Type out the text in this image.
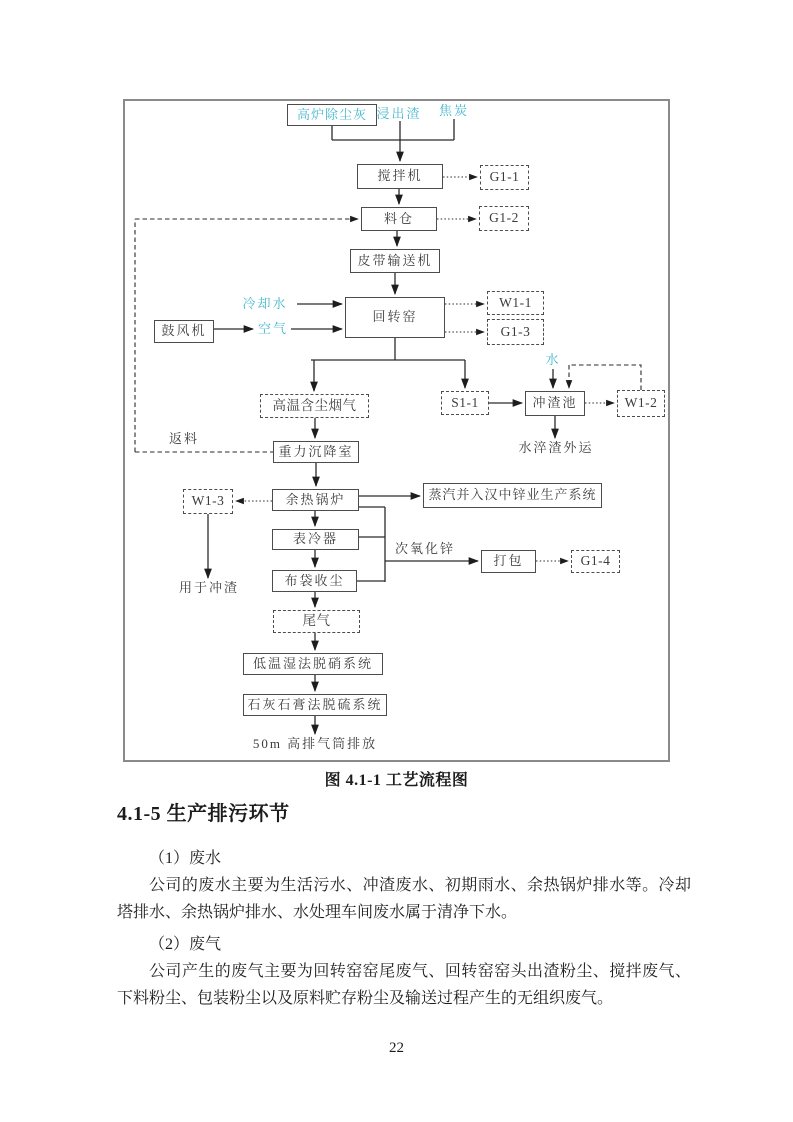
高炉除尘灰 浸出渣 焦炭
搅拌机	G1-1
料仓	G1-2
皮带输送机
冷却水
鼓风机	空气
回转窑
W1-1
G1-3
高温含尘烟气	S1-1
水
冲渣池	W1-2
水淬渣外运
返料
重力沉降室
W1-3	余热锅炉	蒸汽并入汉中锌业生产系统
表冷器
次氧化锌
打包	G1-4
布袋收尘
用于冲渣
尾气
低温湿法脱硝系统
石灰石膏法脱硫系统
50m 高排气筒排放
图 4.1-1 工艺流程图
4.1-5 生产排污环节
（1）废水
公司的废水主要为生活污水、冲渣废水、初期雨水、余热锅炉排水等。冷却塔排水、余热锅炉排水、水处理车间废水属于清净下水。
（2）废气
公司产生的废气主要为回转窑窑尾废气、回转窑窑头出渣粉尘、搅拌废气、下料粉尘、包装粉尘以及原料贮存粉尘及输送过程产生的无组织废气。
22
